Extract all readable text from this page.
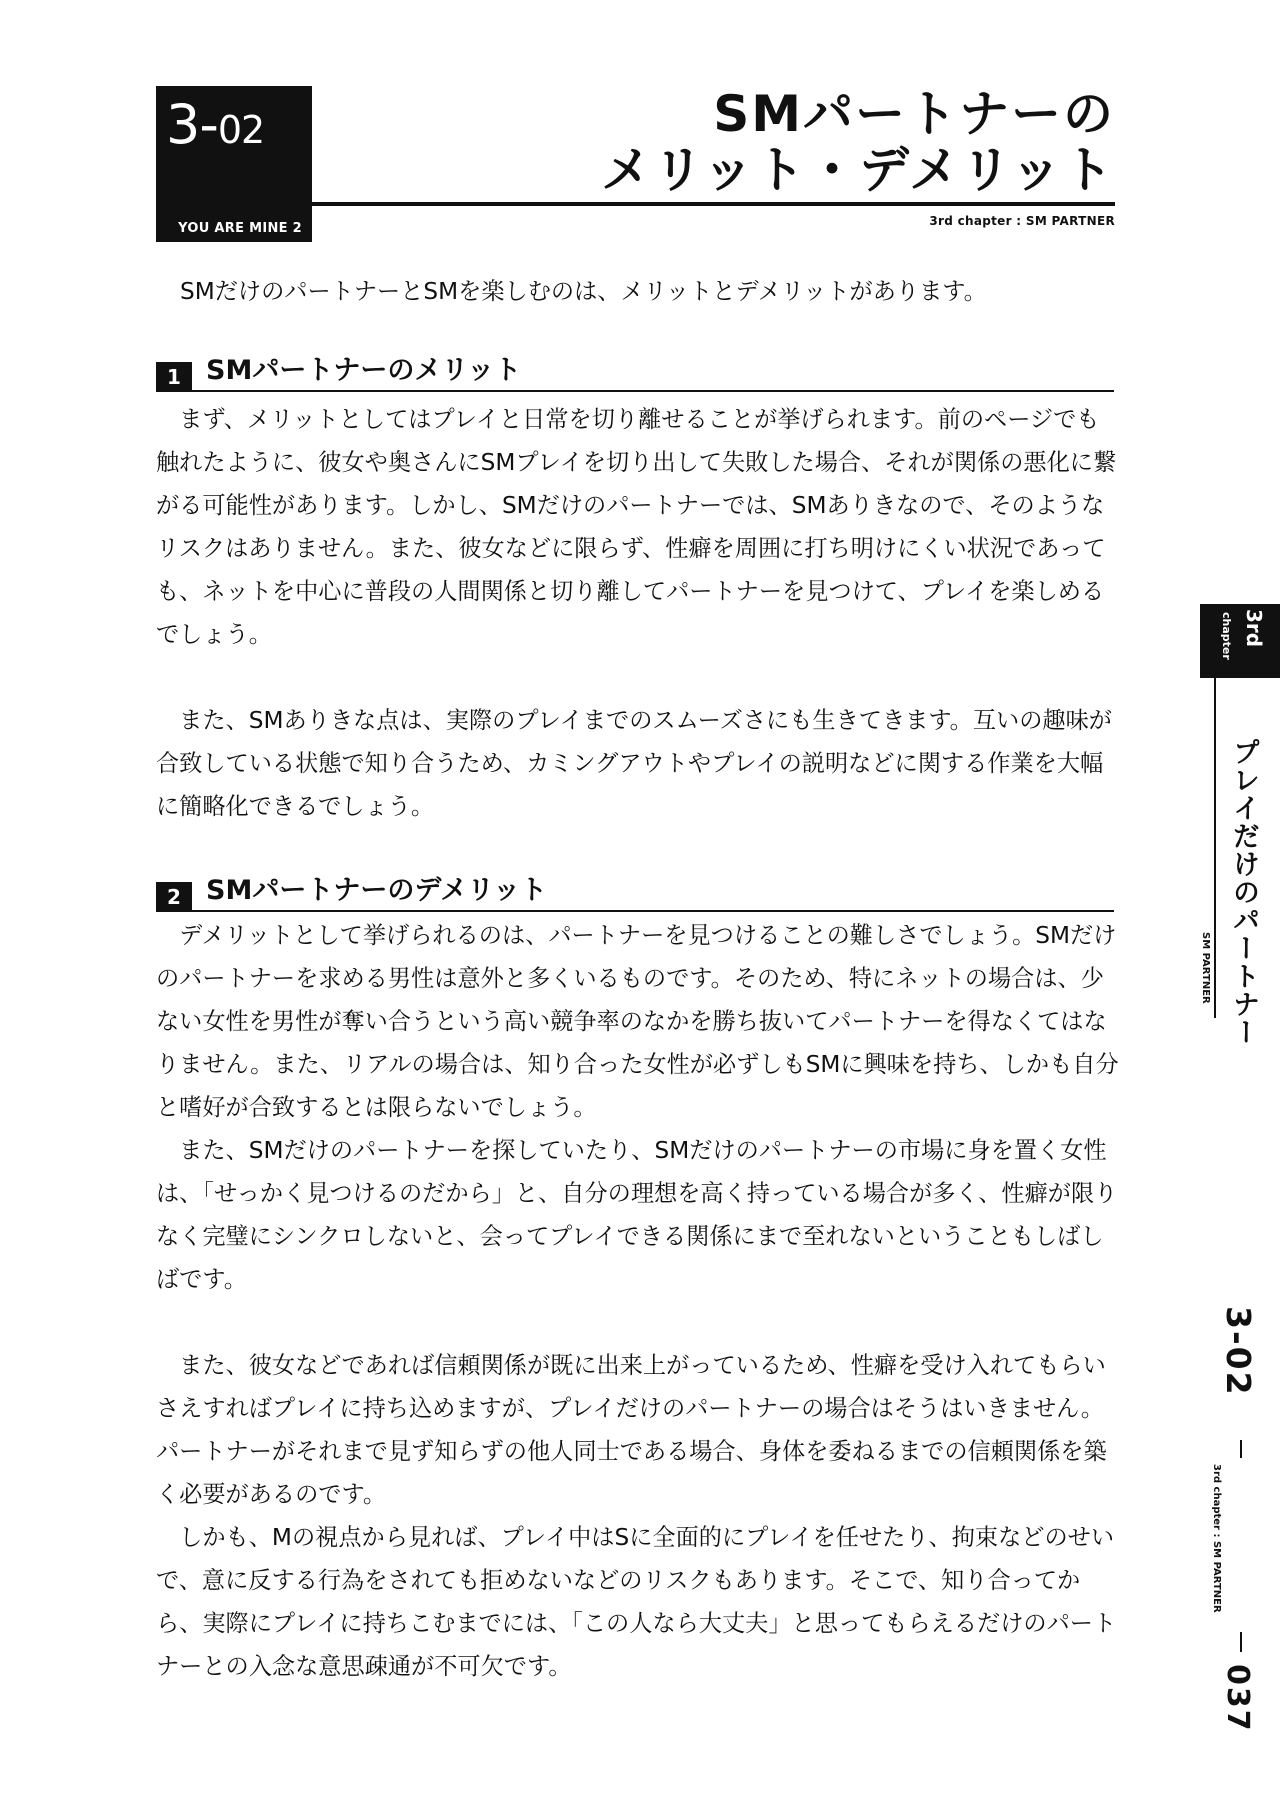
3-02
YOU ARE MINE 2
SMパートナーの
メリット・デメリット
3rd chapter : SM PARTNER

SMだけのパートナーとSMを楽しむのは、メリットとデメリットがあります。

1 SMパートナーのメリット

　まず、メリットとしてはプレイと日常を切り離せることが挙げられます。前のページでも触れたように、彼女や奥さんにSMプレイを切り出して失敗した場合、それが関係の悪化に繋がる可能性があります。しかし、SMだけのパートナーでは、SMありきなので、そのようなリスクはありません。また、彼女などに限らず、性癖を周囲に打ち明けにくい状況であっても、ネットを中心に普段の人間関係と切り離してパートナーを見つけて、プレイを楽しめるでしょう。

　また、SMありきな点は、実際のプレイまでのスムーズさにも生きてきます。互いの趣味が合致している状態で知り合うため、カミングアウトやプレイの説明などに関する作業を大幅に簡略化できるでしょう。

2 SMパートナーのデメリット

　デメリットとして挙げられるのは、パートナーを見つけることの難しさでしょう。SMだけのパートナーを求める男性は意外と多くいるものです。そのため、特にネットの場合は、少ない女性を男性が奪い合うという高い競争率のなかを勝ち抜いてパートナーを得なくてはなりません。また、リアルの場合は、知り合った女性が必ずしもSMに興味を持ち、しかも自分と嗜好が合致するとは限らないでしょう。

　また、SMだけのパートナーを探していたり、SMだけのパートナーの市場に身を置く女性は、「せっかく見つけるのだから」と、自分の理想を高く持っている場合が多く、性癖が限りなく完璧にシンクロしないと、会ってプレイできる関係にまで至れないということもしばしばです。

　また、彼女などであれば信頼関係が既に出来上がっているため、性癖を受け入れてもらいさえすればプレイに持ち込めますが、プレイだけのパートナーの場合はそうはいきません。パートナーがそれまで見ず知らずの他人同士である場合、身体を委ねるまでの信頼関係を築く必要があるのです。

　しかも、Mの視点から見れば、プレイ中はSに全面的にプレイを任せたり、拘束などのせいで、意に反する行為をされても拒めないなどのリスクもあります。そこで、知り合ってから、実際にプレイに持ちこむまでには、「この人なら大丈夫」と思ってもらえるだけのパートナーとの入念な意思疎通が不可欠です。

3rd
chapter
プレイだけのパートナー
SM PARTNER
3-02
3rd chapter : SM PARTNER
037
